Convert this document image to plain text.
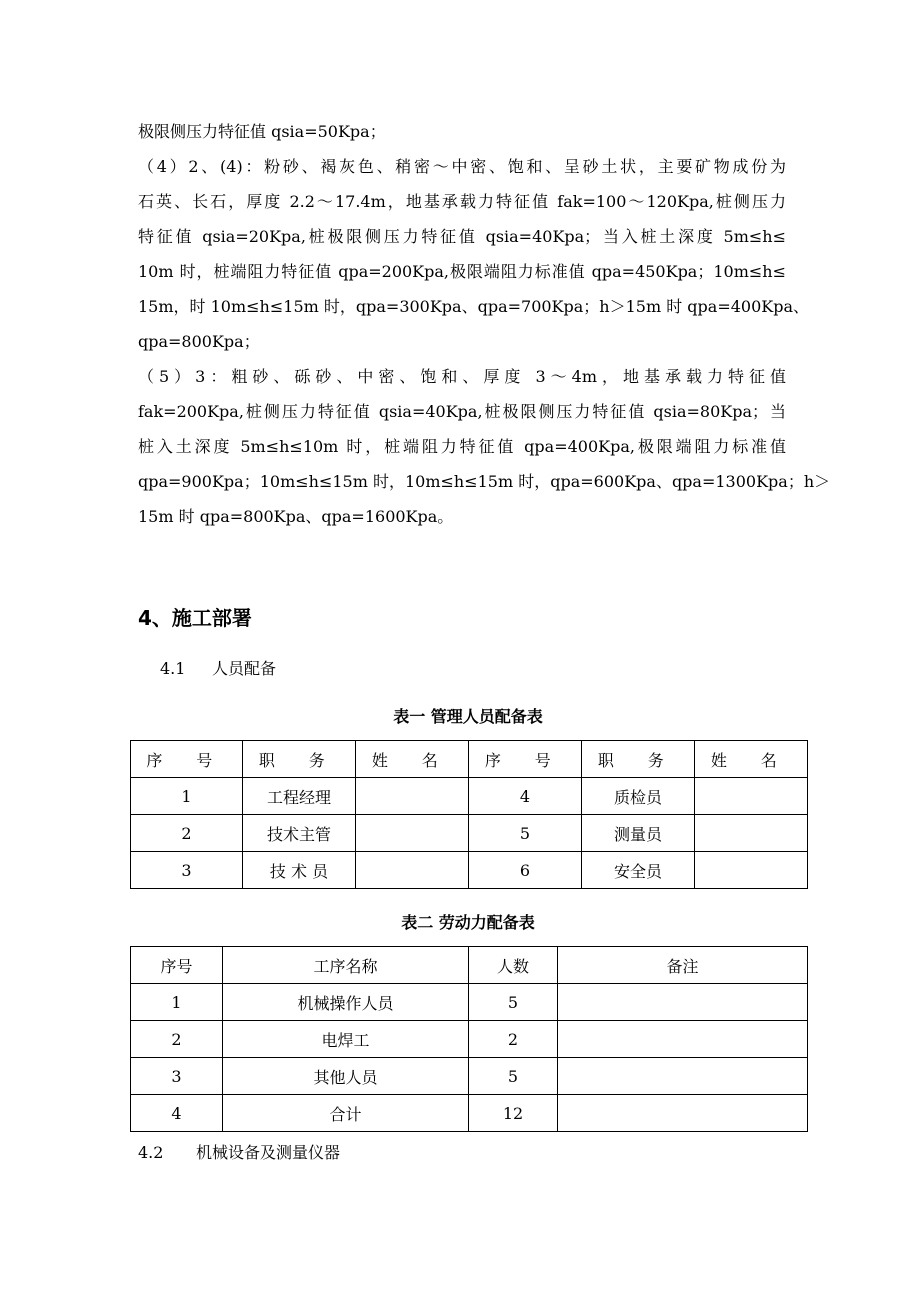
极限侧压力特征值 qsia=50Kpa；
（4）2、(4)：粉砂、褐灰色、稍密～中密、饱和、呈砂土状，主要矿物成份为
石英、长石，厚度 2.2～17.4m，地基承载力特征值 fak=100～120Kpa,桩侧压力
特征值 qsia=20Kpa,桩极限侧压力特征值 qsia=40Kpa；当入桩土深度 5m≤h≤
10m 时，桩端阻力特征值 qpa=200Kpa,极限端阻力标准值 qpa=450Kpa；10m≤h≤
15m，时 10m≤h≤15m 时，qpa=300Kpa、qpa=700Kpa；h＞15m 时 qpa=400Kpa、
qpa=800Kpa；
（5）3：粗砂、砾砂、中密、饱和、厚度 3～4m，地基承载力特征值
fak=200Kpa,桩侧压力特征值 qsia=40Kpa,桩极限侧压力特征值 qsia=80Kpa；当
桩入土深度 5m≤h≤10m 时，桩端阻力特征值 qpa=400Kpa,极限端阻力标准值
qpa=900Kpa；10m≤h≤15m 时，10m≤h≤15m 时，qpa=600Kpa、qpa=1300Kpa；h＞
15m 时 qpa=800Kpa、qpa=1600Kpa。
4、施工部署

4.1 人员配备

表一 管理人员配备表

序 号	职 务	姓 名	序 号	职 务	姓 名
1	工程经理		4	质检员	
2	技术主管		5	测量员	
3	技 术 员		6	安全员	

表二 劳动力配备表

序号	工序名称	人数	备注
1	机械操作人员	5	
2	电焊工	2	
3	其他人员	5	
4	合计	12	

4.2 机械设备及测量仪器
